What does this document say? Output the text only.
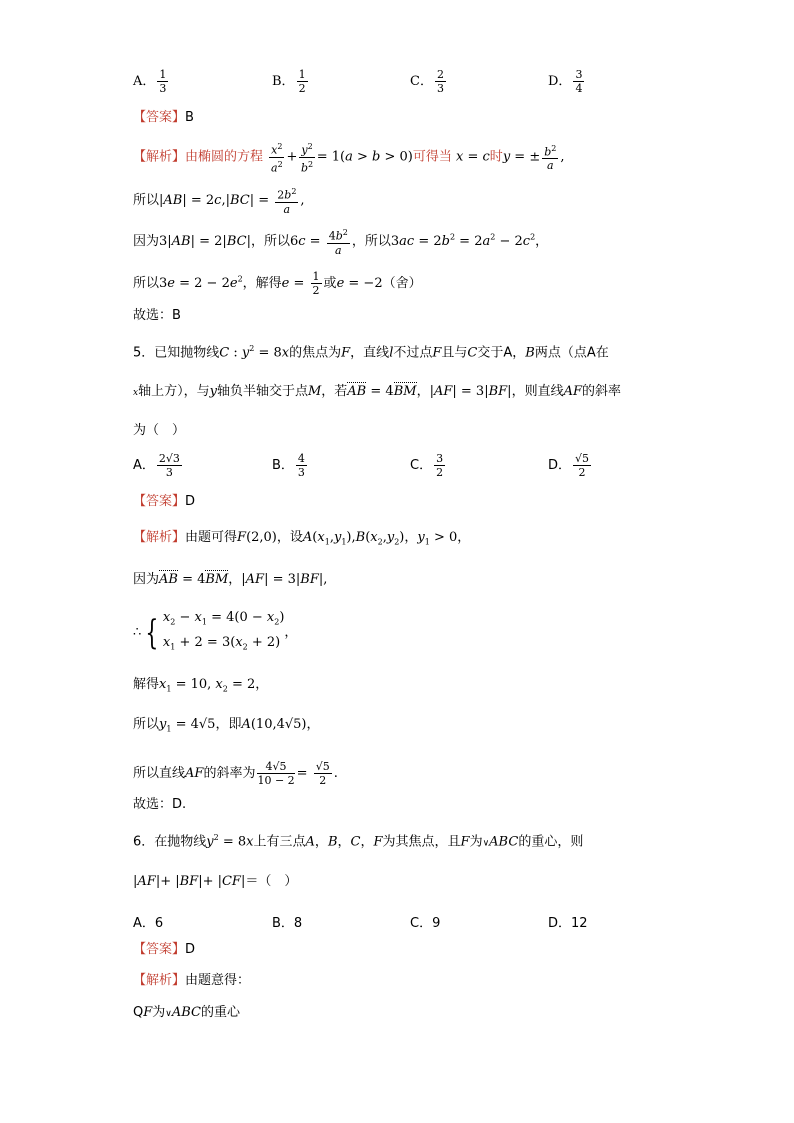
A． $\frac{1}{3}$	B． $\frac{1}{2}$	C． $\frac{2}{3}$	D． $\frac{3}{4}$
【答案】B
【解析】由椭圆的方程 $\frac{x^2}{a^2} + \frac{y^2}{b^2} = 1(a > b > 0)$可得当 x = c时y = ± $\frac{b^2}{a}$ ,
所以$|AB| = 2c,|BC| = \frac{2b^2}{a}$ ,
因为3|AB| = 2|BC|，所以$6c = \frac{4b^2}{a}$ ，所以$3ac = 2b^2 = 2a^2 - 2c^2$，
所以$3e = 2 - 2e^2$，解得$e = \frac{1}{2}$ 或e = −2（舍）
故选：B
5．已知抛物线C : $y^2 = 8x$的焦点为F，直线l不过点F且与C交于A，B两点（点A在
x轴上方），与y轴负半轴交于点M，若AB = 4BM，|AF| = 3|BF|，则直线AF的斜率
为（　）
A． $\frac{2√3}{3}$	B． $\frac{4}{3}$	C． $\frac{3}{2}$	D． $\frac{√5}{2}$
【答案】D
【解析】由题可得F(2,0)，设$A(x_1,y_1),B(x_2,y_2)$，$y_1 > 0$，
因为AB = 4BM，|AF| = 3|BF|,
∴ { $x_2 - x_1 = 4(0 - x_2)$
$x_1 + 2 = 3(x_2 + 2)$
，
解得$x_1 = 10$, $x_2 = 2$，
所以$y_1 = 4√5$，即A(10,4√5)，
所以直线AF的斜率为 $\frac{4√5}{10 - 2} = \frac{√5}{2}$ .
故选：D.
6．在抛物线$y^2 = 8x$上有三点A，B，C，F为其焦点，且F为∨ABC的重心，则
|AF|+ |BF|+ |CF|＝（　）
A．6	B．8	C．9	D．12
【答案】D
【解析】由题意得：
QF为∨ABC的重心
